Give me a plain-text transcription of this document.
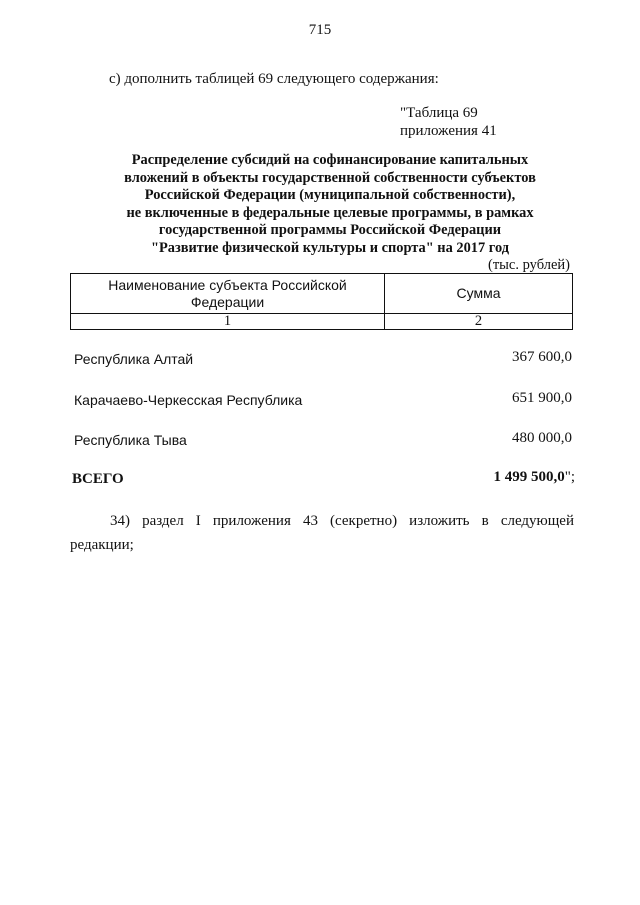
715
с) дополнить таблицей 69 следующего содержания:
"Таблица 69
приложения 41
Распределение субсидий на софинансирование капитальных
вложений в объекты государственной собственности субъектов
Российской Федерации (муниципальной собственности),
не включенные в федеральные целевые программы, в рамках
государственной программы Российской Федерации
"Развитие физической культуры и спорта" на 2017 год
(тыс. рублей)
Наименование субъекта Российской Федерации	Сумма
1	2
Республика Алтай	367 600,0
Карачаево-Черкесская Республика	651 900,0
Республика Тыва	480 000,0
ВСЕГО	1 499 500,0";
34) раздел I приложения 43 (секретно) изложить в следующей редакции;
